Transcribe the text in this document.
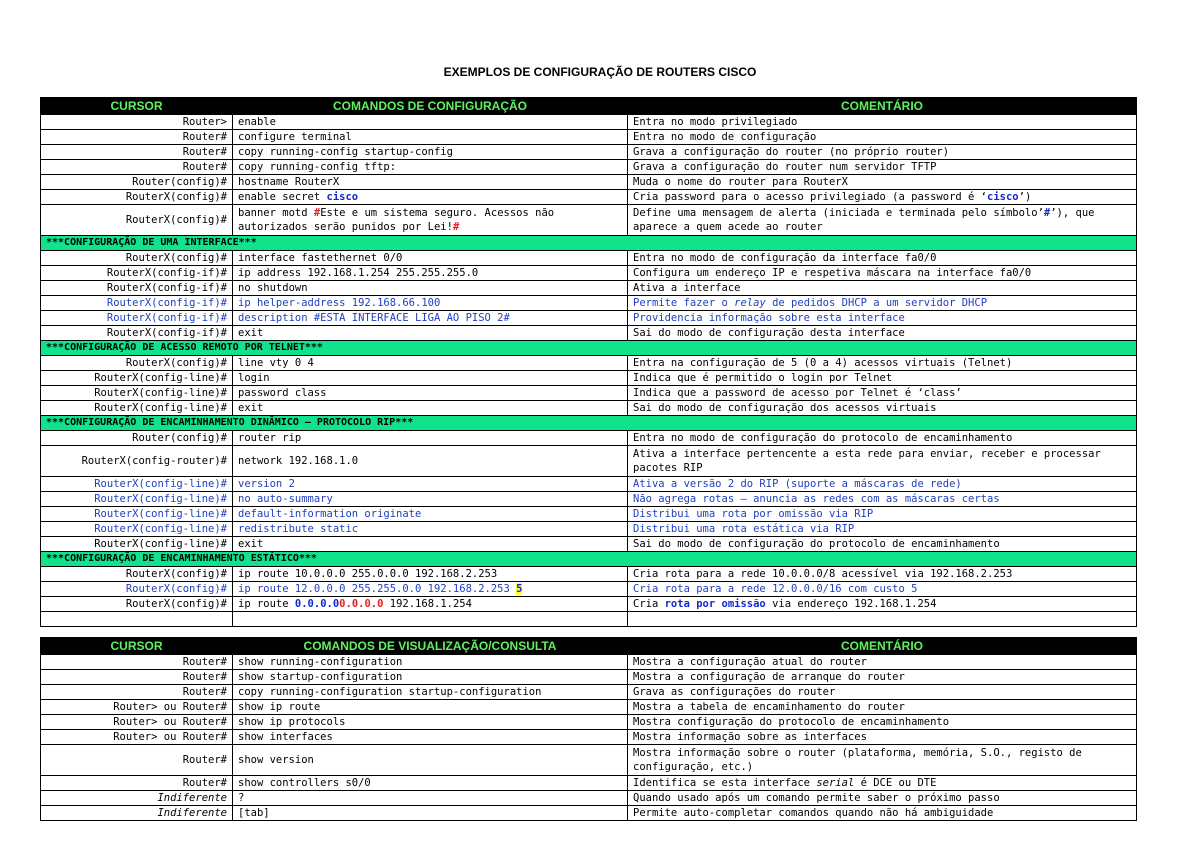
EXEMPLOS DE CONFIGURAÇÃO DE ROUTERS CISCO
CURSOR	COMANDOS DE CONFIGURAÇÃO	COMENTÁRIO
Router>	enable	Entra no modo privilegiado
Router#	configure terminal	Entra no modo de configuração
Router#	copy running-config startup-config	Grava a configuração do router (no próprio router)
Router#	copy running-config tftp:	Grava a configuração do router num servidor TFTP
Router(config)#	hostname RouterX	Muda o nome do router para RouterX
RouterX(config)#	enable secret cisco	Cria password para o acesso privilegiado (a password é ‘cisco’)
RouterX(config)#	banner motd #Este e um sistema seguro. Acessos não autorizados serão punidos por Lei!#	Define uma mensagem de alerta (iniciada e terminada pelo símbolo’#’), que aparece a quem acede ao router
***CONFIGURAÇÃO DE UMA INTERFACE***		
RouterX(config)#	interface fastethernet 0/0	Entra no modo de configuração da interface fa0/0
RouterX(config-if)#	ip address 192.168.1.254 255.255.255.0	Configura um endereço IP e respetiva máscara na interface fa0/0
RouterX(config-if)#	no shutdown	Ativa a interface
RouterX(config-if)#	ip helper-address 192.168.66.100	Permite fazer o relay de pedidos DHCP a um servidor DHCP
RouterX(config-if)#	description #ESTA INTERFACE LIGA AO PISO 2#	Providencia informação sobre esta interface
RouterX(config-if)#	exit	Sai do modo de configuração desta interface
***CONFIGURAÇÃO DE ACESSO REMOTO POR TELNET***		
RouterX(config)#	line vty 0 4	Entra na configuração de 5 (0 a 4) acessos virtuais (Telnet)
RouterX(config-line)#	login	Indica que é permitido o login por Telnet
RouterX(config-line)#	password class	Indica que a password de acesso por Telnet é ‘class’
RouterX(config-line)#	exit	Sai do modo de configuração dos acessos virtuais
***CONFIGURAÇÃO DE ENCAMINHAMENTO DINÂMICO – PROTOCOLO RIP***		
Router(config)#	router rip	Entra no modo de configuração do protocolo de encaminhamento
RouterX(config-router)#	network 192.168.1.0	Ativa a interface pertencente a esta rede para enviar, receber e processar pacotes RIP
RouterX(config-line)#	version 2	Ativa a versão 2 do RIP (suporte a máscaras de rede)
RouterX(config-line)#	no auto-summary	Não agrega rotas – anuncia as redes com as máscaras certas
RouterX(config-line)#	default-information originate	Distribui uma rota por omissão via RIP
RouterX(config-line)#	redistribute static	Distribui uma rota estática via RIP
RouterX(config-line)#	exit	Sai do modo de configuração do protocolo de encaminhamento
***CONFIGURAÇÃO DE ENCAMINHAMENTO ESTÁTICO***		
RouterX(config)#	ip route 10.0.0.0 255.0.0.0 192.168.2.253	Cria rota para a rede 10.0.0.0/8 acessível via 192.168.2.253
RouterX(config)#	ip route 12.0.0.0 255.255.0.0 192.168.2.253 5	Cria rota para a rede 12.0.0.0/16 com custo 5
RouterX(config)#	ip route 0.0.0.00.0.0.0 192.168.1.254	Cria rota por omissão via endereço 192.168.1.254

CURSOR	COMANDOS DE VISUALIZAÇÃO/CONSULTA	COMENTÁRIO
Router#	show running-configuration	Mostra a configuração atual do router
Router#	show startup-configuration	Mostra a configuração de arranque do router
Router#	copy running-configuration startup-configuration	Grava as configurações do router
Router> ou Router#	show ip route	Mostra a tabela de encaminhamento do router
Router> ou Router#	show ip protocols	Mostra configuração do protocolo de encaminhamento
Router> ou Router#	show interfaces	Mostra informação sobre as interfaces
Router#	show version	Mostra informação sobre o router (plataforma, memória, S.O., registo de configuração, etc.)
Router#	show controllers s0/0	Identifica se esta interface serial é DCE ou DTE
Indiferente	?	Quando usado após um comando permite saber o próximo passo
Indiferente	[tab]	Permite auto-completar comandos quando não há ambiguidade
